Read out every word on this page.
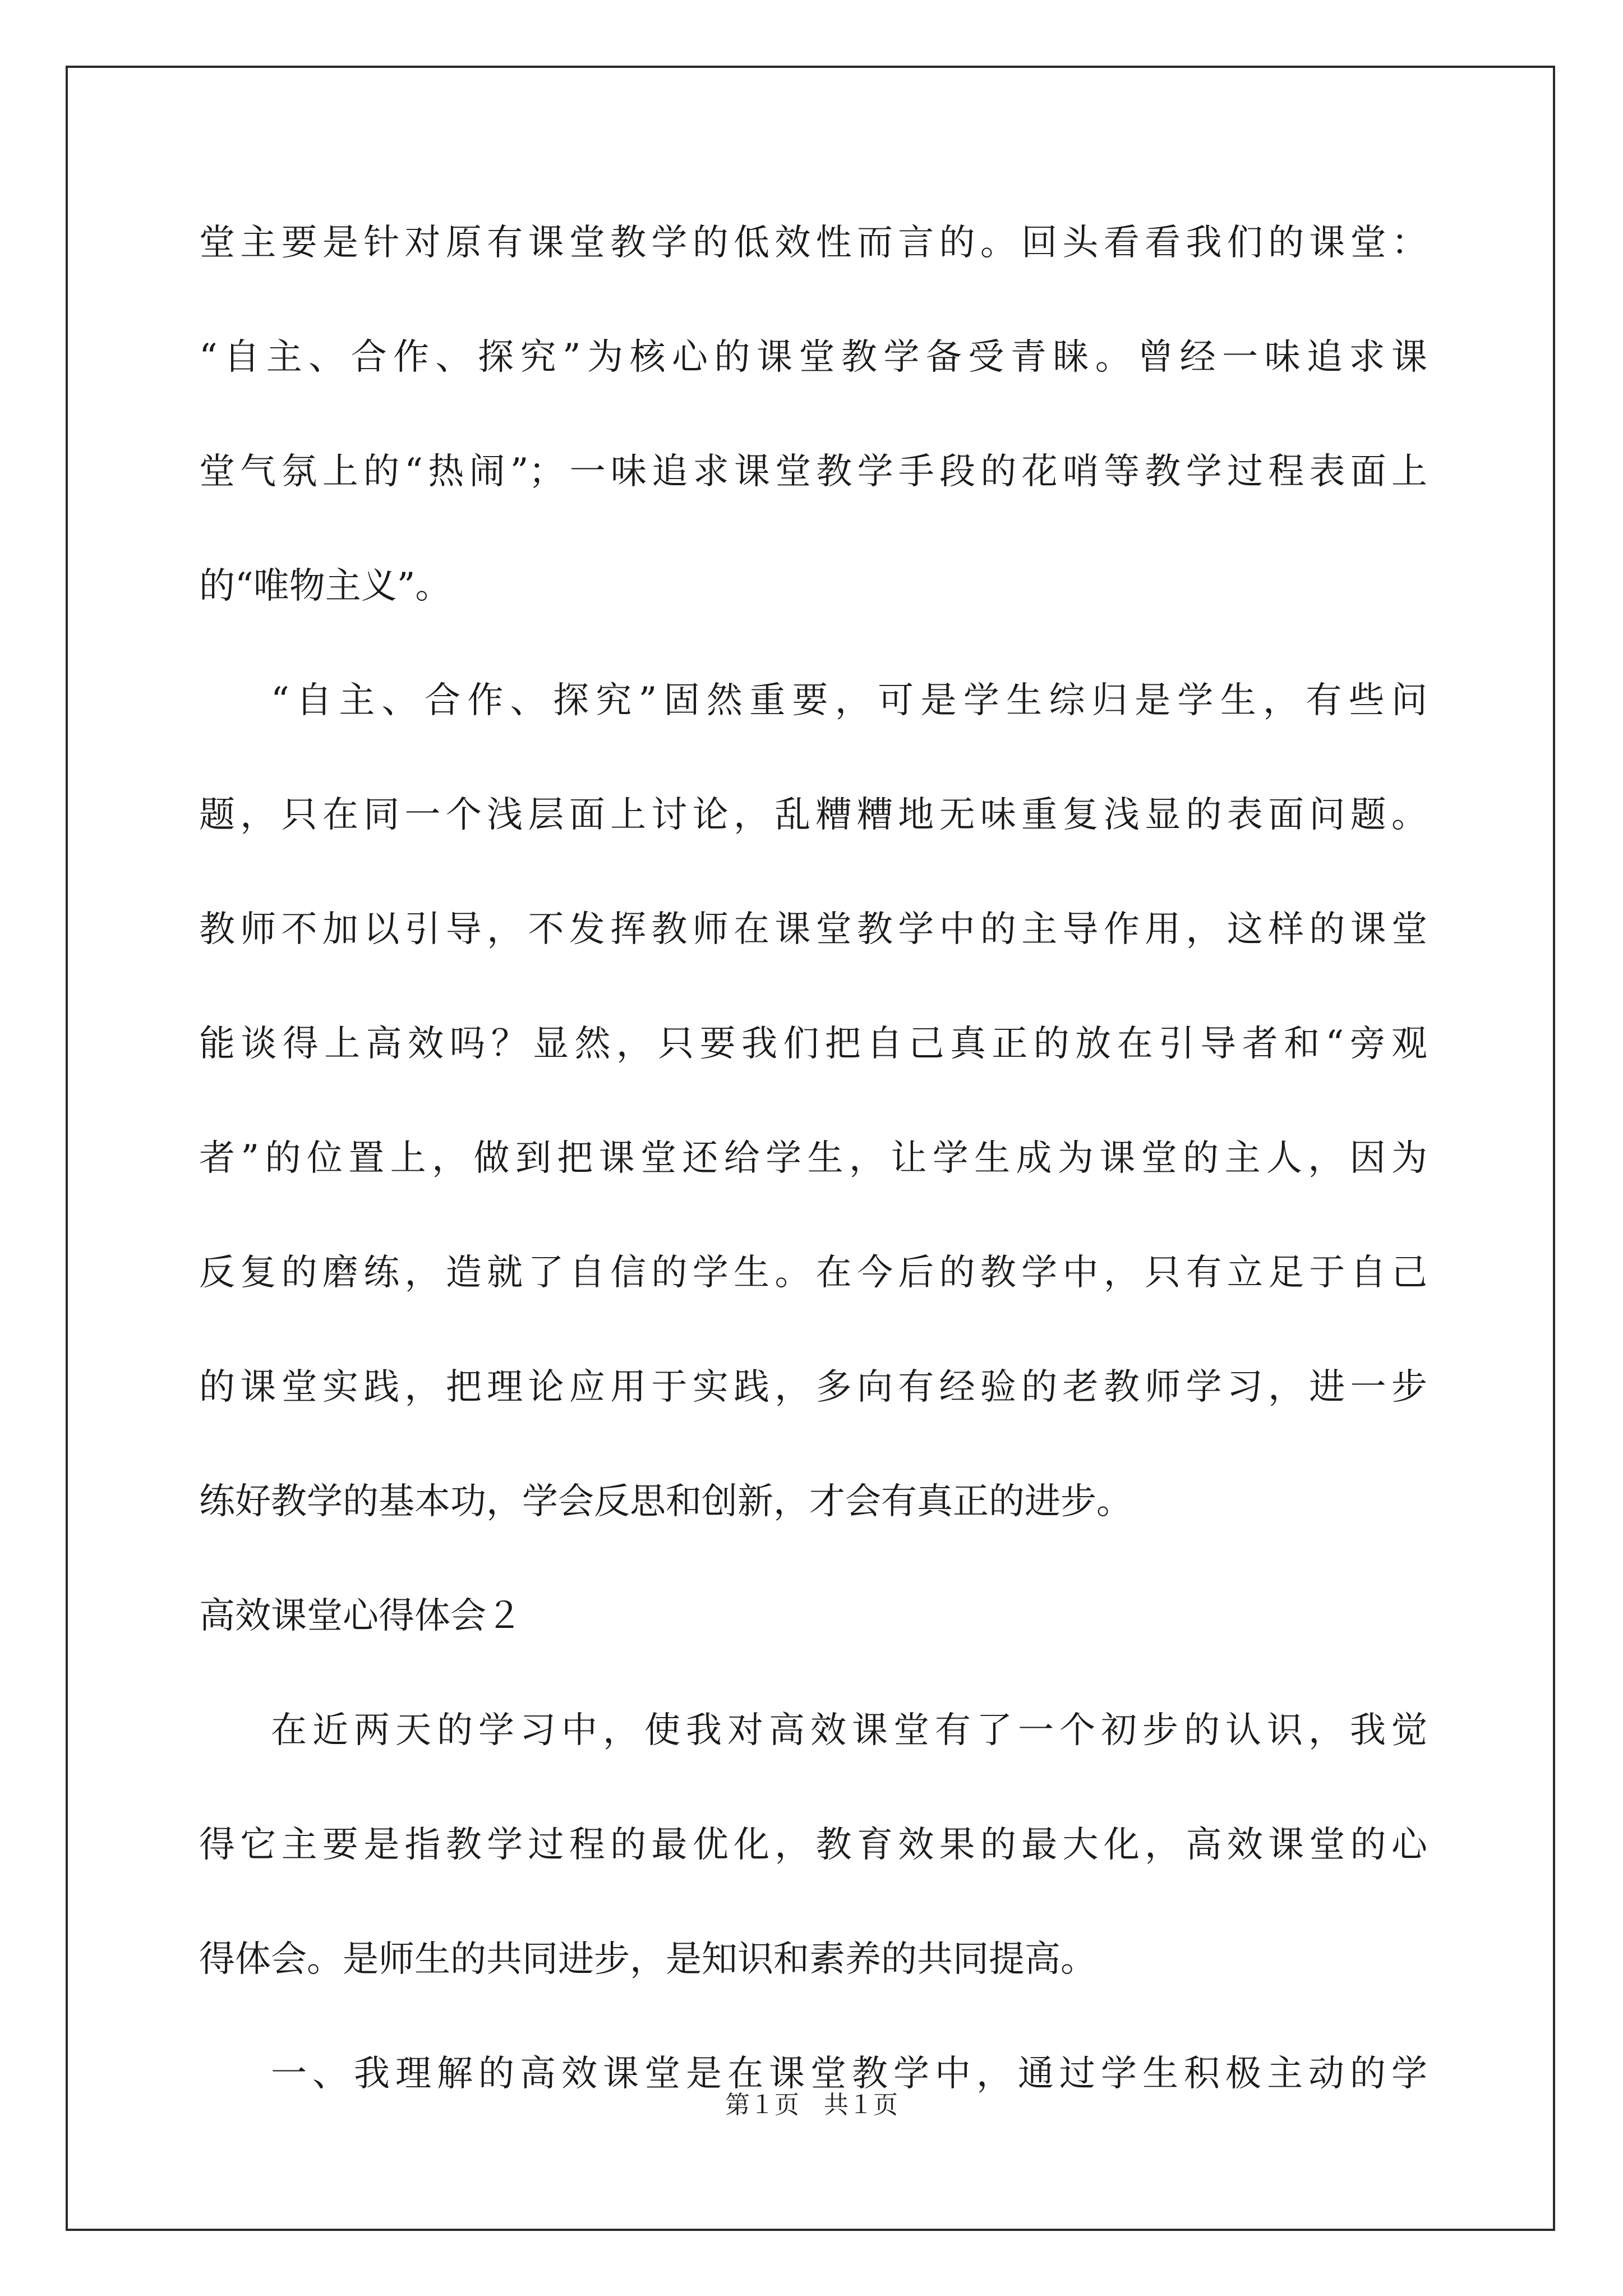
堂主要是针对原有课堂教学的低效性而言的。回头看看我们的课堂：
“自主、合作、探究”为核心的课堂教学备受青睐。曾经一味追求课
堂气氛上的“热闹”；一味追求课堂教学手段的花哨等教学过程表面上
的“唯物主义”。
“自主、合作、探究”固然重要，可是学生综归是学生，有些问
题，只在同一个浅层面上讨论，乱糟糟地无味重复浅显的表面问题。
教师不加以引导，不发挥教师在课堂教学中的主导作用，这样的课堂
能谈得上高效吗？显然，只要我们把自己真正的放在引导者和“旁观
者”的位置上，做到把课堂还给学生，让学生成为课堂的主人，因为
反复的磨练，造就了自信的学生。在今后的教学中，只有立足于自己
的课堂实践，把理论应用于实践，多向有经验的老教师学习，进一步
练好教学的基本功，学会反思和创新，才会有真正的进步。
高效课堂心得体会２
在近两天的学习中，使我对高效课堂有了一个初步的认识，我觉
得它主要是指教学过程的最优化，教育效果的最大化，高效课堂的心
得体会。是师生的共同进步，是知识和素养的共同提高。
一、我理解的高效课堂是在课堂教学中，通过学生积极主动的学
第１页　共１页
